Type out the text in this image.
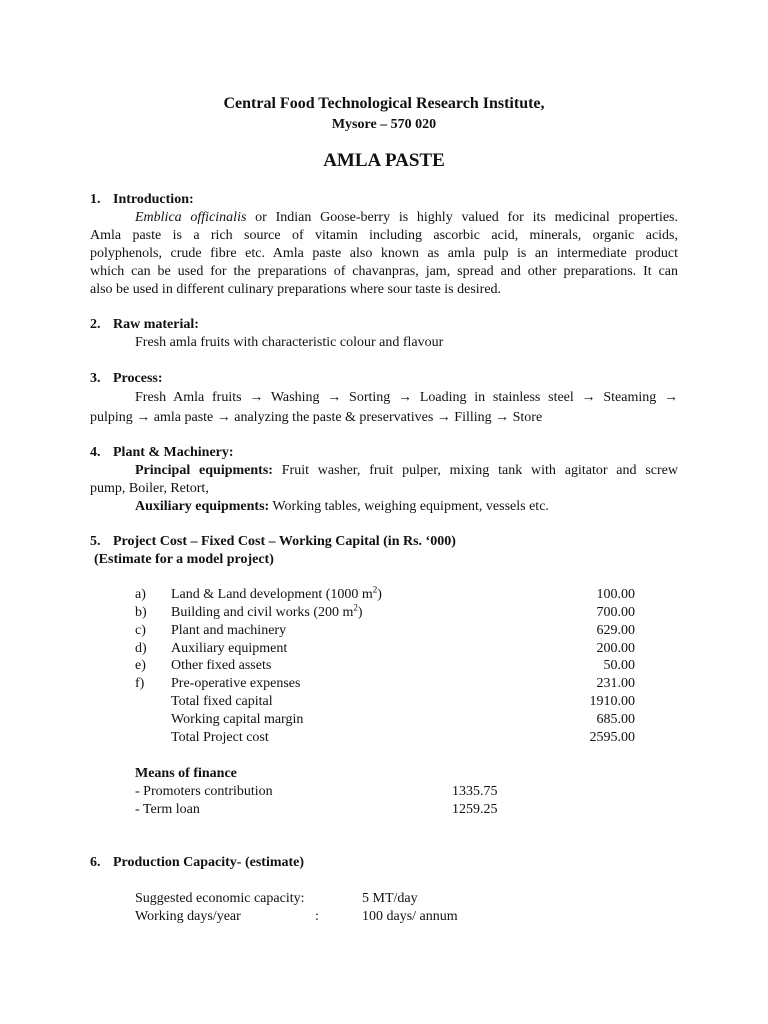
Central Food Technological Research Institute,
Mysore – 570 020
AMLA PASTE
1. Introduction:
Emblica officinalis or Indian Goose-berry is highly valued for its medicinal properties.
Amla paste is a rich source of vitamin including ascorbic acid, minerals, organic acids,
polyphenols, crude fibre etc. Amla paste also known as amla pulp is an intermediate product
which can be used for the preparations of chavanpras, jam, spread and other preparations. It can
also be used in different culinary preparations where sour taste is desired.
2. Raw material:
Fresh amla fruits with characteristic colour and flavour
3. Process:
Fresh Amla fruits → Washing → Sorting → Loading in stainless steel → Steaming →
pulping → amla paste → analyzing the paste & preservatives → Filling → Store
4. Plant & Machinery:
Principal equipments: Fruit washer, fruit pulper, mixing tank with agitator and screw
pump, Boiler, Retort,
Auxiliary equipments: Working tables, weighing equipment, vessels etc.
5. Project Cost – Fixed Cost – Working Capital (in Rs. ‘000)
(Estimate for a model project)
a) Land & Land development (1000 $m^2$)	100.00
b) Building and civil works (200 $m^2$)	700.00
c) Plant and machinery	629.00
d) Auxiliary equipment	200.00
e) Other fixed assets	50.00
f) Pre-operative expenses	231.00
Total fixed capital	1910.00
Working capital margin	685.00
Total Project cost	2595.00
Means of finance
- Promoters contribution	1335.75
- Term loan	1259.25
6. Production Capacity- (estimate)
Suggested economic capacity:	5 MT/day
Working days/year	:	100 days/ annum
